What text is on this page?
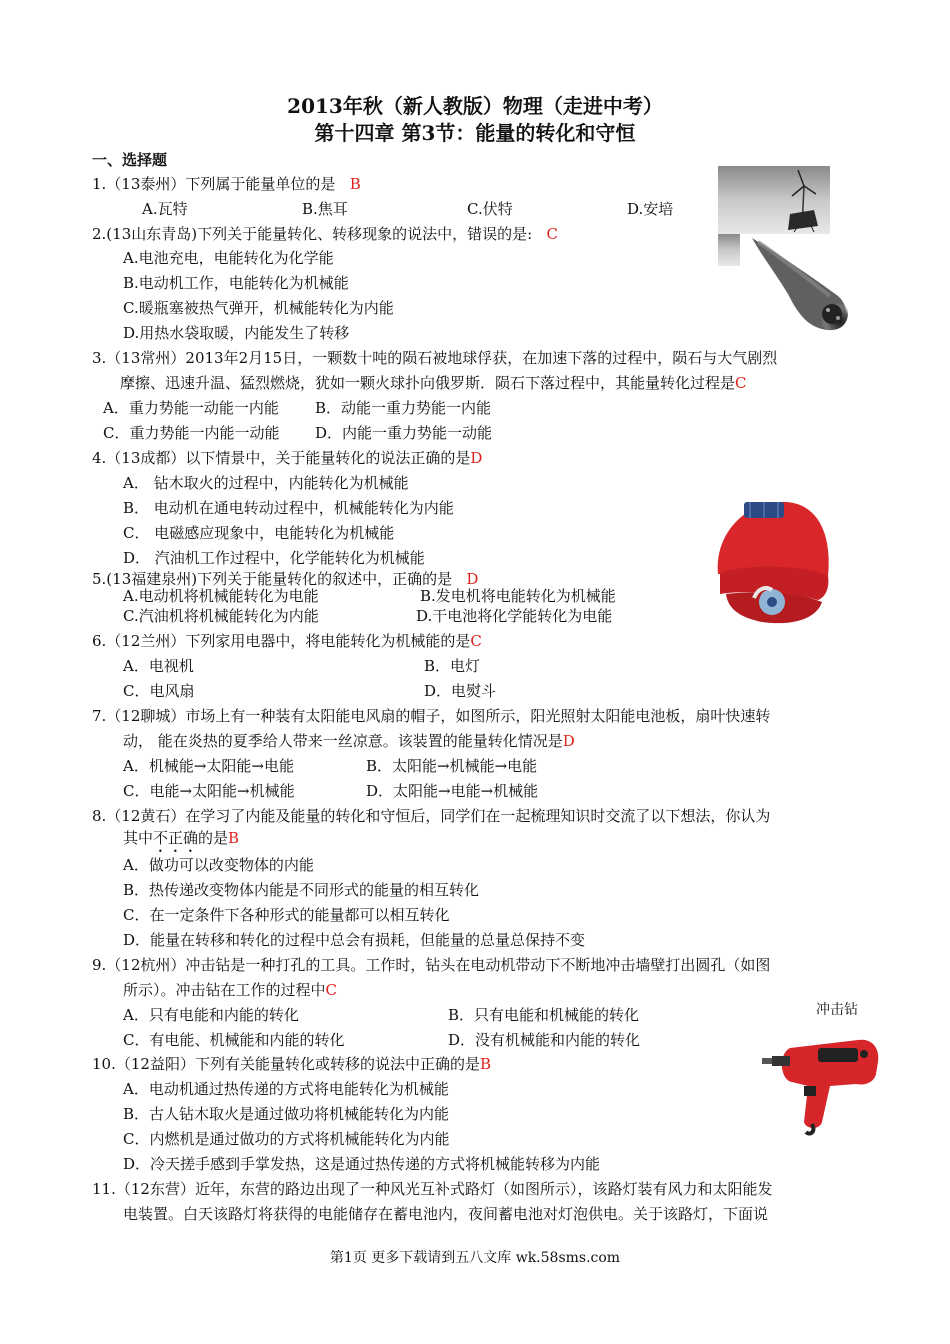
2013年秋（新人教版）物理（走进中考）
第十四章 第3节：能量的转化和守恒
一、选择题
1.（13泰州）下列属于能量单位的是 B
A.瓦特	B.焦耳	C.伏特	D.安培
2.(13山东青岛)下列关于能量转化、转移现象的说法中，错误的是: C
A.电池充电，电能转化为化学能
B.电动机工作，电能转化为机械能
C.暖瓶塞被热气弹开，机械能转化为内能
D.用热水袋取暖，内能发生了转移
3.（13常州）2013年2月15日，一颗数十吨的陨石被地球俘获，在加速下落的过程中，陨石与大气剧烈
摩擦、迅速升温、猛烈燃烧，犹如一颗火球扑向俄罗斯．陨石下落过程中，其能量转化过程是C
A．重力势能一动能一内能 B．动能一重力势能一内能
C．重力势能一内能一动能 D．内能一重力势能一动能
4.（13成都）以下情景中，关于能量转化的说法正确的是D
A． 钻木取火的过程中，内能转化为机械能
B． 电动机在通电转动过程中，机械能转化为内能
C． 电磁感应现象中，电能转化为机械能
D． 汽油机工作过程中，化学能转化为机械能
5.(13福建泉州)下列关于能量转化的叙述中，正确的是 D
A.电动机将机械能转化为电能	B.发电机将电能转化为机械能
C.汽油机将机械能转化为内能	D.干电池将化学能转化为电能
6.（12兰州）下列家用电器中，将电能转化为机械能的是C
A．电视机	B．电灯
C．电风扇	D．电熨斗
7.（12聊城）市场上有一种装有太阳能电风扇的帽子，如图所示，阳光照射太阳能电池板，扇叶快速转
动， 能在炎热的夏季给人带来一丝凉意。该装置的能量转化情况是D
A．机械能→太阳能→电能	B．太阳能→机械能→电能
C．电能→太阳能→机械能	D．太阳能→电能→机械能
8.（12黄石）在学习了内能及能量的转化和守恒后，同学们在一起梳理知识时交流了以下想法，你认为
其中不正确的是B
A．做功可以改变物体的内能
B．热传递改变物体内能是不同形式的能量的相互转化
C．在一定条件下各种形式的能量都可以相互转化
D．能量在转移和转化的过程中总会有损耗，但能量的总量总保持不变
9.（12杭州）冲击钻是一种打孔的工具。工作时，钻头在电动机带动下不断地冲击墙壁打出圆孔（如图
所示）。冲击钻在工作的过程中C
A．只有电能和内能的转化	B．只有电能和机械能的转化
C．有电能、机械能和内能的转化	D．没有机械能和内能的转化
冲击钻
10.（12益阳）下列有关能量转化或转移的说法中正确的是B
A．电动机通过热传递的方式将电能转化为机械能
B．古人钻木取火是通过做功将机械能转化为内能
C．内燃机是通过做功的方式将机械能转化为内能
D．冷天搓手感到手掌发热，这是通过热传递的方式将机械能转移为内能
11.（12东营）近年，东营的路边出现了一种风光互补式路灯（如图所示），该路灯装有风力和太阳能发
电装置。白天该路灯将获得的电能储存在蓄电池内，夜间蓄电池对灯泡供电。关于该路灯，下面说
第1页 更多下载请到五八文库 wk.58sms.com
